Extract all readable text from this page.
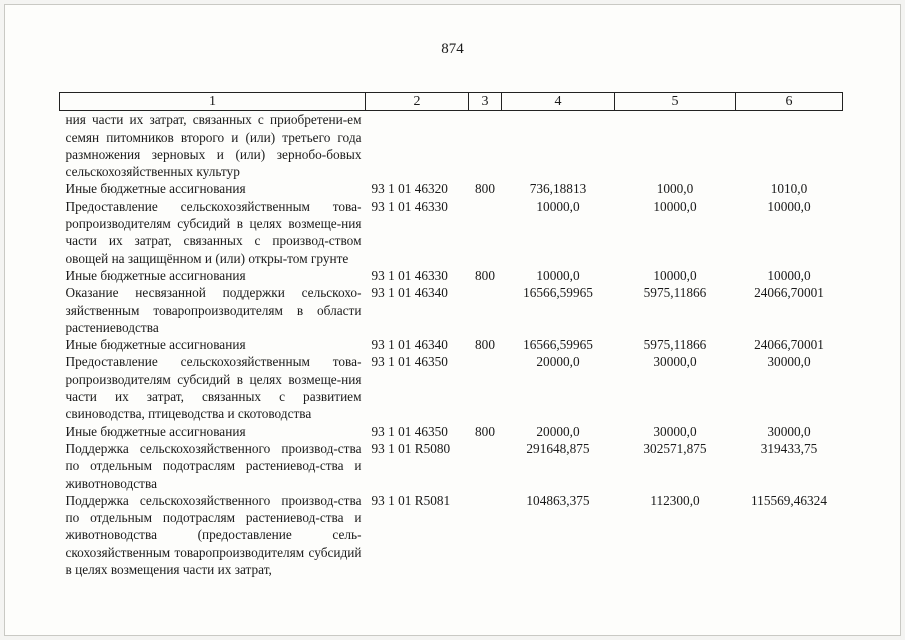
874
1	2	3	4	5	6
ния части их затрат, связанных с приобретени-ем семян питомников второго и (или) третьего года размножения зерновых и (или) зернобо-бовых сельскохозяйственных культур					
Иные бюджетные ассигнования	93 1 01 46320	800	736,18813	1000,0	1010,0
Предоставление сельскохозяйственным това-ропроизводителям субсидий в целях возмеще-ния части их затрат, связанных с производ-ством овощей на защищённом и (или) откры-том грунте	93 1 01 46330		10000,0	10000,0	10000,0
Иные бюджетные ассигнования	93 1 01 46330	800	10000,0	10000,0	10000,0
Оказание несвязанной поддержки сельскохо-зяйственным товаропроизводителям в области растениеводства	93 1 01 46340		16566,59965	5975,11866	24066,70001
Иные бюджетные ассигнования	93 1 01 46340	800	16566,59965	5975,11866	24066,70001
Предоставление сельскохозяйственным това-ропроизводителям субсидий в целях возмеще-ния части их затрат, связанных с развитием свиноводства, птицеводства и скотоводства	93 1 01 46350		20000,0	30000,0	30000,0
Иные бюджетные ассигнования	93 1 01 46350	800	20000,0	30000,0	30000,0
Поддержка сельскохозяйственного производ-ства по отдельным подотраслям растениевод-ства и животноводства	93 1 01 R5080		291648,875	302571,875	319433,75
Поддержка сельскохозяйственного производ-ства по отдельным подотраслям растениевод-ства и животноводства (предоставление сель-скохозяйственным товаропроизводителям субсидий в целях возмещения части их затрат,	93 1 01 R5081		104863,375	112300,0	115569,46324
